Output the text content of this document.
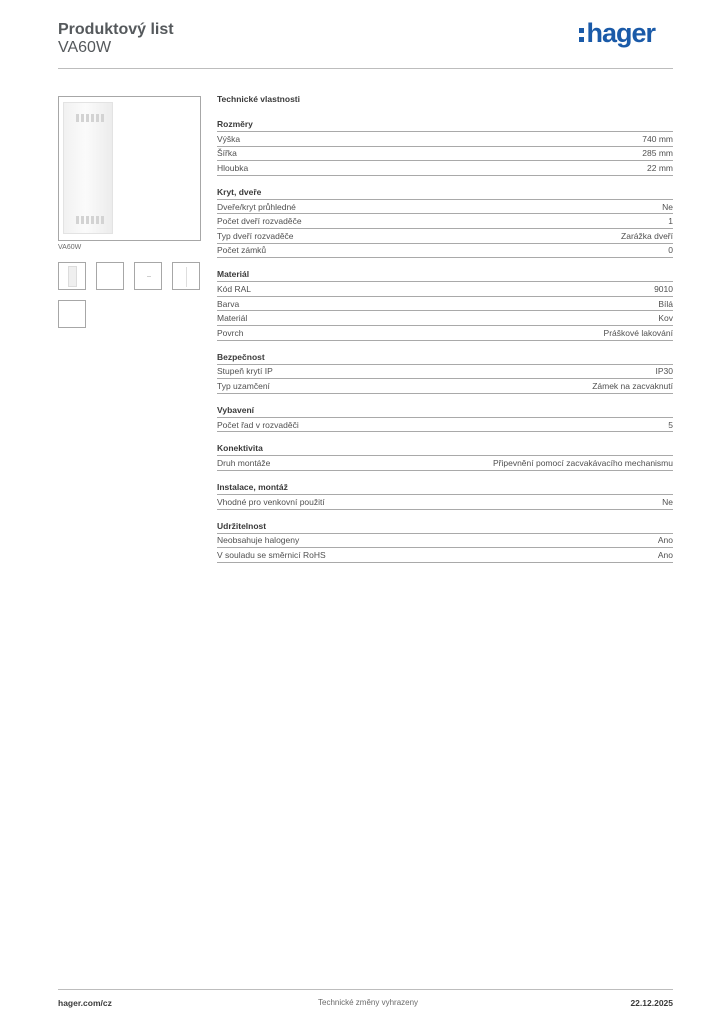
Produktový list
VA60W	hager
VA60W
Technické vlastnosti
Rozměry
Výška	740 mm
Šířka	285 mm
Hloubka	22 mm
Kryt, dveře
Dveře/kryt průhledné	Ne
Počet dveří rozvaděče	1
Typ dveří rozvaděče	Zarážka dveří
Počet zámků	0
Materiál
Kód RAL	9010
Barva	Bílá
Materiál	Kov
Povrch	Práškové lakování
Bezpečnost
Stupeň krytí IP	IP30
Typ uzamčení	Zámek na zacvaknutí
Vybavení
Počet řad v rozvaděči	5
Konektivita
Druh montáže	Připevnění pomocí zacvakávacího mechanismu
Instalace, montáž
Vhodné pro venkovní použití	Ne
Udržitelnost
Neobsahuje halogeny	Ano
V souladu se směrnicí RoHS	Ano
hager.com/cz	Technické změny vyhrazeny	22.12.2025
